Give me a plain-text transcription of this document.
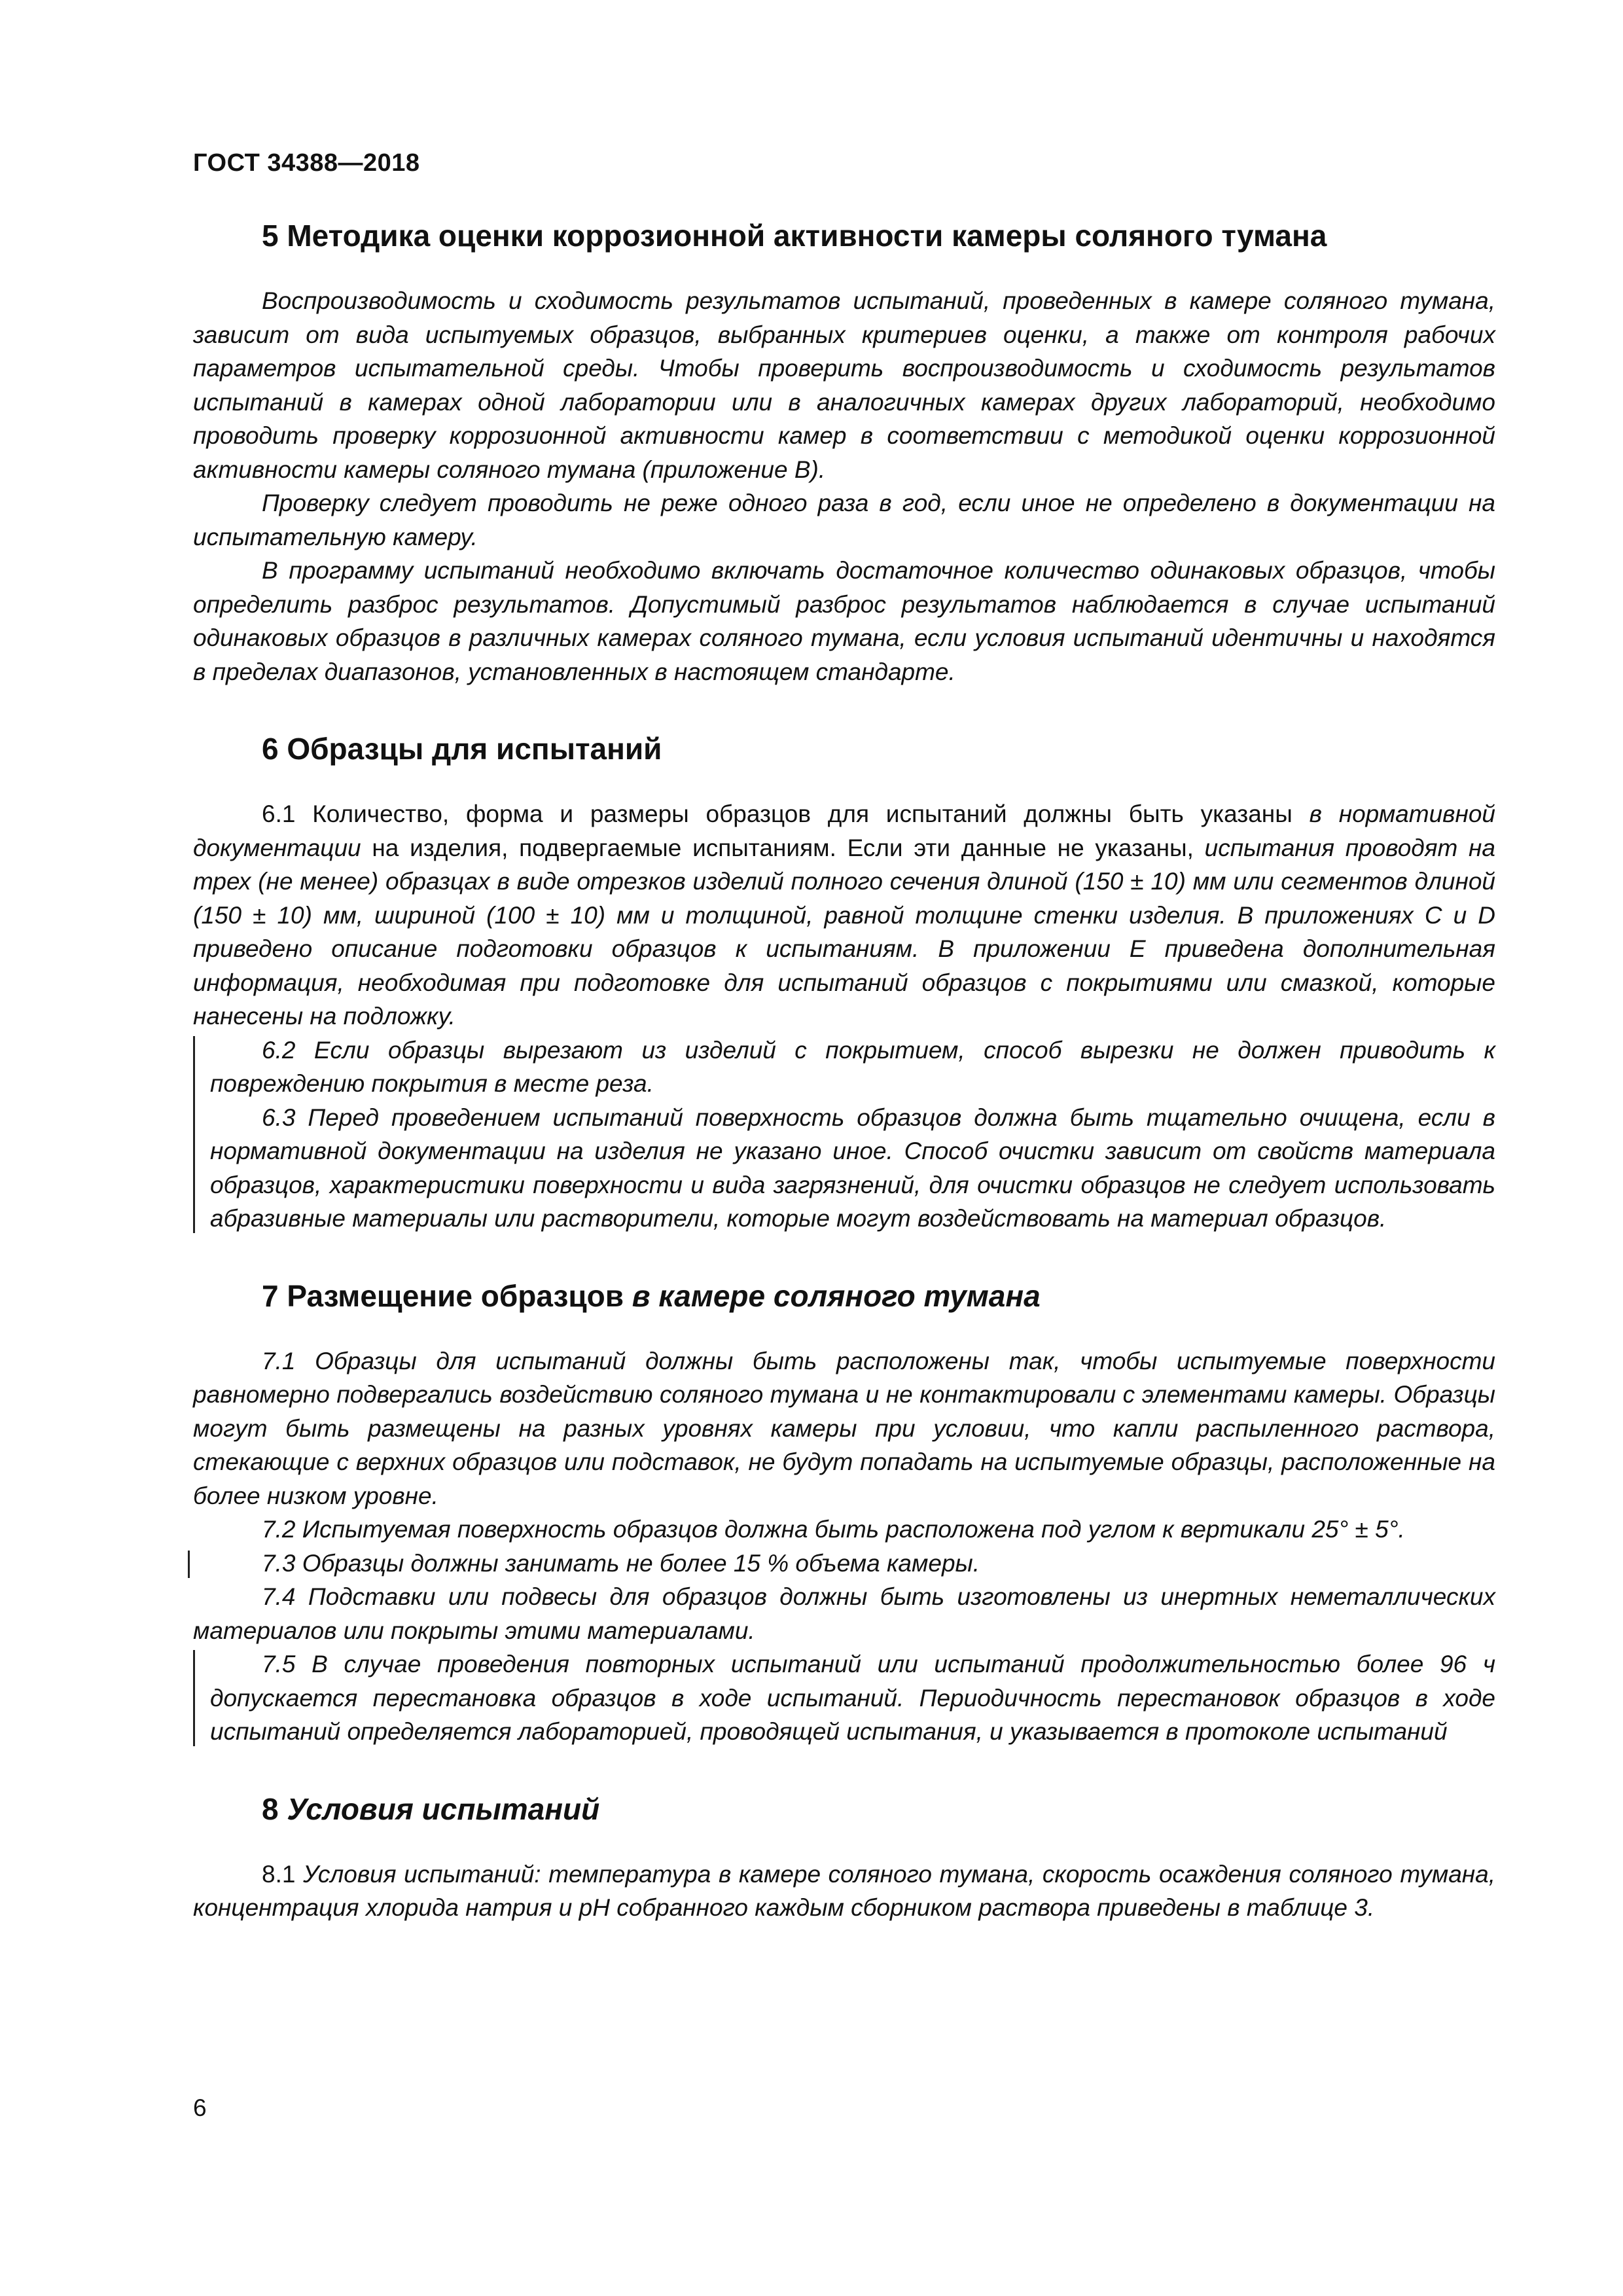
ГОСТ 34388—2018
5 Методика оценки коррозионной активности камеры соляного тумана

Воспроизводимость и сходимость результатов испытаний, проведенных в камере соляного тумана, зависит от вида испытуемых образцов, выбранных критериев оценки, а также от контроля рабочих параметров испытательной среды. Чтобы проверить воспроизводимость и сходимость результатов испытаний в камерах одной лаборатории или в аналогичных камерах других лабораторий, необходимо проводить проверку коррозионной активности камер в соответствии с методикой оценки коррозионной активности камеры соляного тумана (приложение В).

Проверку следует проводить не реже одного раза в год, если иное не определено в документации на испытательную камеру.

В программу испытаний необходимо включать достаточное количество одинаковых образцов, чтобы определить разброс результатов. Допустимый разброс результатов наблюдается в случае испытаний одинаковых образцов в различных камерах соляного тумана, если условия испытаний идентичны и находятся в пределах диапазонов, установленных в настоящем стандарте.

6 Образцы для испытаний

6.1 Количество, форма и размеры образцов для испытаний должны быть указаны в нормативной документации на изделия, подвергаемые испытаниям. Если эти данные не указаны, испытания проводят на трех (не менее) образцах в виде отрезков изделий полного сечения длиной (150 ± 10) мм или сегментов длиной (150 ± 10) мм, шириной (100 ± 10) мм и толщиной, равной толщине стенки изделия. В приложениях С и D приведено описание подготовки образцов к испытаниям. В приложении Е приведена дополнительная информация, необходимая при подготовке для испытаний образцов с покрытиями или смазкой, которые нанесены на подложку.

6.2 Если образцы вырезают из изделий с покрытием, способ вырезки не должен приводить к повреждению покрытия в месте реза.

6.3 Перед проведением испытаний поверхность образцов должна быть тщательно очищена, если в нормативной документации на изделия не указано иное. Способ очистки зависит от свойств материала образцов, характеристики поверхности и вида загрязнений, для очистки образцов не следует использовать абразивные материалы или растворители, которые могут воздействовать на материал образцов.

7 Размещение образцов в камере соляного тумана

7.1 Образцы для испытаний должны быть расположены так, чтобы испытуемые поверхности равномерно подвергались воздействию соляного тумана и не контактировали с элементами камеры. Образцы могут быть размещены на разных уровнях камеры при условии, что капли распыленного раствора, стекающие с верхних образцов или подставок, не будут попадать на испытуемые образцы, расположенные на более низком уровне.

7.2 Испытуемая поверхность образцов должна быть расположена под углом к вертикали 25° ± 5°.

7.3 Образцы должны занимать не более 15 % объема камеры.

7.4 Подставки или подвесы для образцов должны быть изготовлены из инертных неметаллических материалов или покрыты этими материалами.

7.5 В случае проведения повторных испытаний или испытаний продолжительностью более 96 ч допускается перестановка образцов в ходе испытаний. Периодичность перестановок образцов в ходе испытаний определяется лабораторией, проводящей испытания, и указывается в протоколе испытаний

8 Условия испытаний

8.1 Условия испытаний: температура в камере соляного тумана, скорость осаждения соляного тумана, концентрация хлорида натрия и рН собранного каждым сборником раствора приведены в таблице 3.

6
